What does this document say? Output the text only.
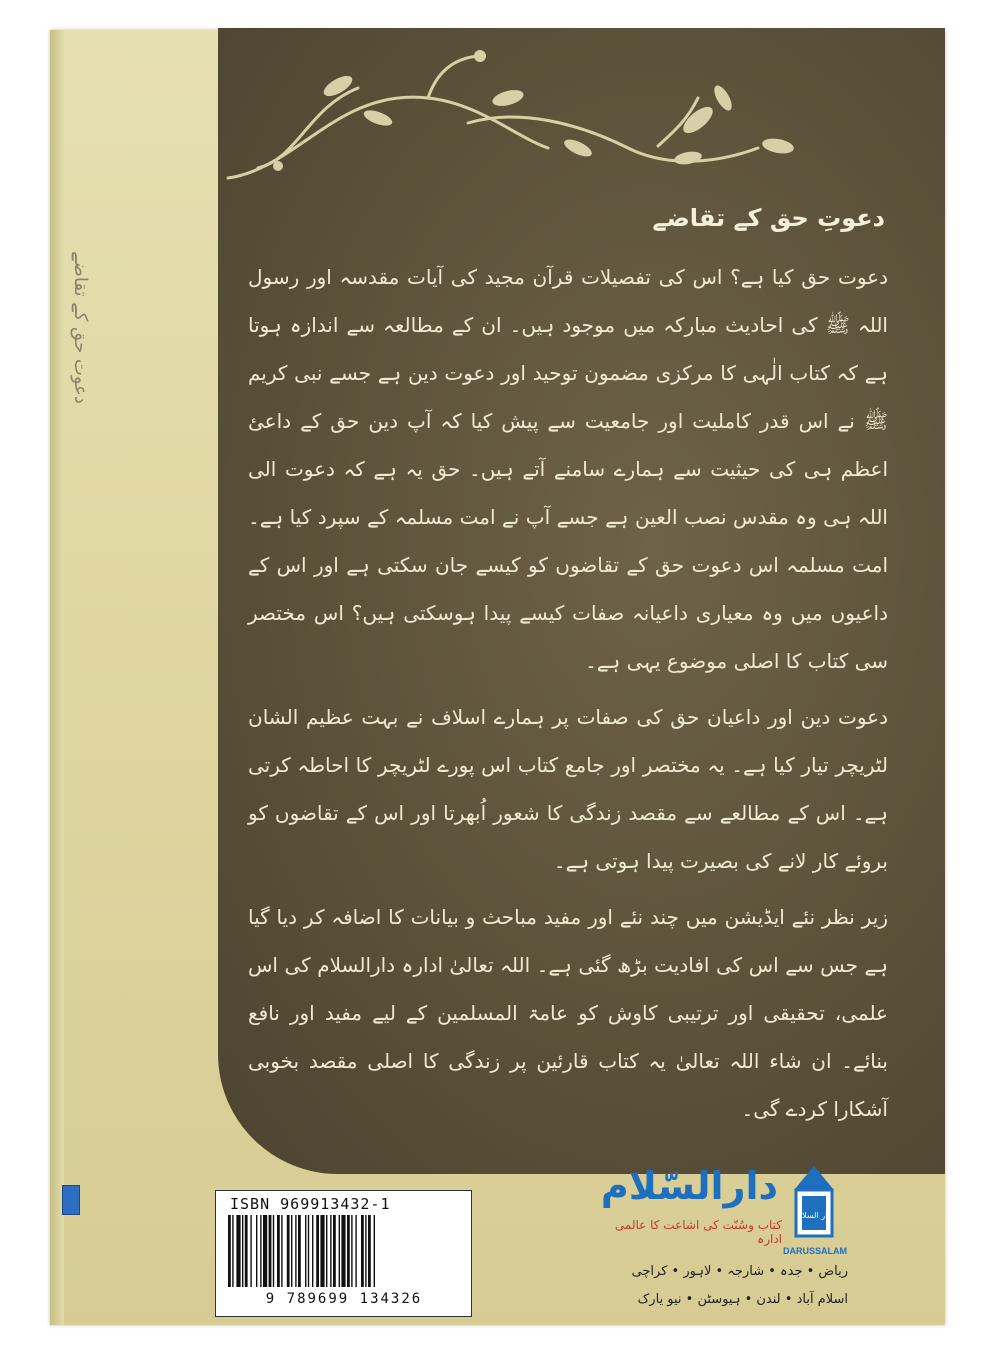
دعوت حق کے تقاضے
دعوتِ حق کے تقاضے

دعوت حق کیا ہے؟ اس کی تفصیلات قرآن مجید کی آیات مقدسہ اور رسول اللہ ﷺ کی احادیث مبارکہ میں موجود ہیں۔ ان کے مطالعہ سے اندازہ ہوتا ہے کہ کتاب الٰہی کا مرکزی مضمون توحید اور دعوت دین ہے جسے نبی کریم ﷺ نے اس قدر کاملیت اور جامعیت سے پیش کیا کہ آپ دین حق کے داعئ اعظم ہی کی حیثیت سے ہمارے سامنے آتے ہیں۔ حق یہ ہے کہ دعوت الی اللہ ہی وہ مقدس نصب العین ہے جسے آپ نے امت مسلمہ کے سپرد کیا ہے۔ امت مسلمہ اس دعوت حق کے تقاضوں کو کیسے جان سکتی ہے اور اس کے داعیوں میں وہ معیاری داعیانہ صفات کیسے پیدا ہوسکتی ہیں؟ اس مختصر سی کتاب کا اصلی موضوع یہی ہے۔

دعوت دین اور داعیان حق کی صفات پر ہمارے اسلاف نے بہت عظیم الشان لٹریچر تیار کیا ہے۔ یہ مختصر اور جامع کتاب اس پورے لٹریچر کا احاطہ کرتی ہے۔ اس کے مطالعے سے مقصد زندگی کا شعور اُبھرتا اور اس کے تقاضوں کو بروئے کار لانے کی بصیرت پیدا ہوتی ہے۔

زیر نظر نئے ایڈیشن میں چند نئے اور مفید مباحث و بیانات کا اضافہ کر دیا گیا ہے جس سے اس کی افادیت بڑھ گئی ہے۔ اللہ تعالیٰ ادارہ دارالسلام کی اس علمی، تحقیقی اور ترتیبی کاوش کو عامۃ المسلمین کے لیے مفید اور نافع بنائے۔ ان شاء اللہ تعالیٰ یہ کتاب قارئین پر زندگی کا اصلی مقصد بخوبی آشکارا کردے گی۔

ISBN 969913432-1
9 789699 134326
دارالسّلام
کتاب وسُنّت کی اشاعت کا عالمی ادارہ
دار السلام
DARUSSALAM
ریاض • جدہ • شارجہ • لاہور • کراچی
اسلام آباد • لندن • ہیوسٹن • نیو یارک
